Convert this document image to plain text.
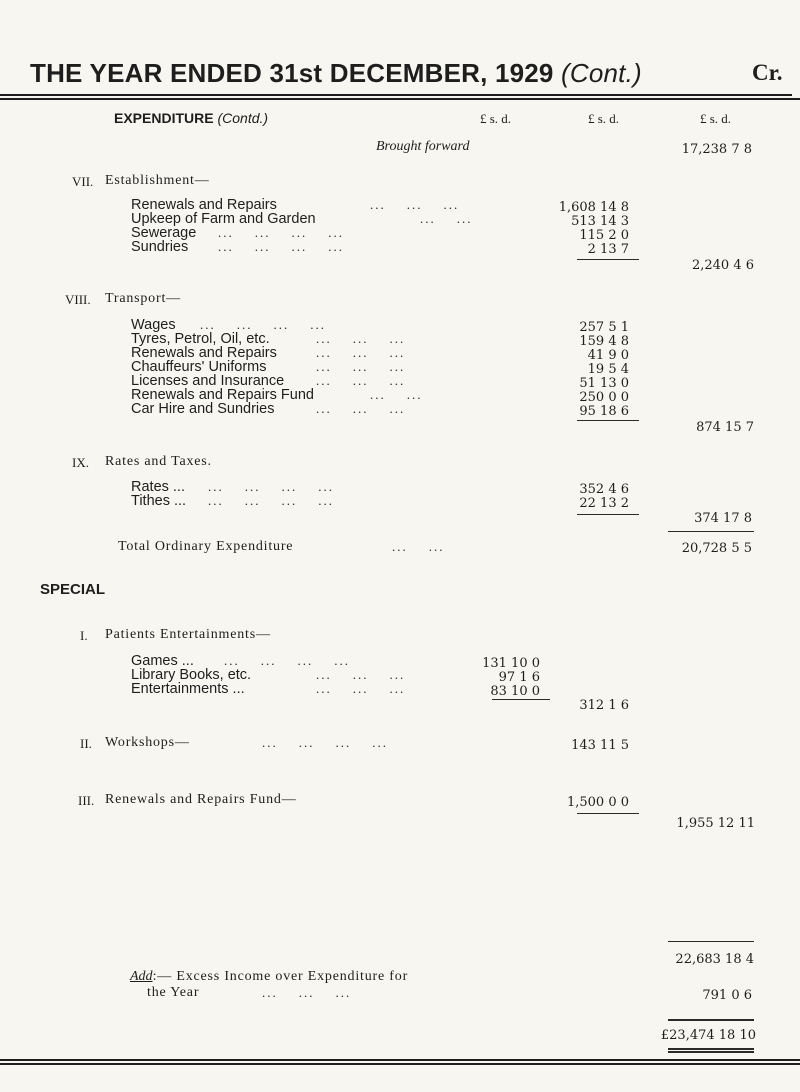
THE YEAR ENDED 31st DECEMBER, 1929 (Cont.)	Cr.
EXPENDITURE (Contd.)	£ s. d.	£ s. d.	£ s. d.
Brought forward	17,238 7 8
VII. Establishment—
Renewals and Repairs	...    ...    ...	1,608 14 8
Upkeep of Farm and Garden	...    ...	513 14 3
Sewerage ...    ...    ...    ...	115 2 0
Sundries ...    ...    ...    ...	2 13 7
2,240 4 6
VIII. Transport—
Wages ...    ...    ...    ...	257 5 1
Tyres, Petrol, Oil, etc.	...    ...    ...	159 4 8
Renewals and Repairs	...    ...    ...	41 9 0
Chauffeurs' Uniforms	...    ...    ...	19 5 4
Licenses and Insurance ...    ...    ...	51 13 0
Renewals and Repairs Fund	...    ...	250 0 0
Car Hire and Sundries	...    ...    ...	95 18 6
874 15 7
IX. Rates and Taxes.
Rates ... ...    ...    ...    ...	352 4 6
Tithes ... ...    ...    ...    ...	22 13 2
374 17 8
Total Ordinary Expenditure	...    ...	20,728 5 5
SPECIAL
I. Patients Entertainments—
Games ... ...    ...    ...    ...	131 10 0
Library Books, etc.	...    ...    ...	97 1 6
Entertainments ...	...    ...    ...	83 10 0
312 1 6
II. Workshops—	...    ...    ...    ...	143 11 5
III. Renewals and Repairs Fund—	1,500 0 0
1,955 12 11
22,683 18 4
Add:— Excess Income over Expenditure for
the Year	...    ...    ...	791 0 6
£23,474 18 10
